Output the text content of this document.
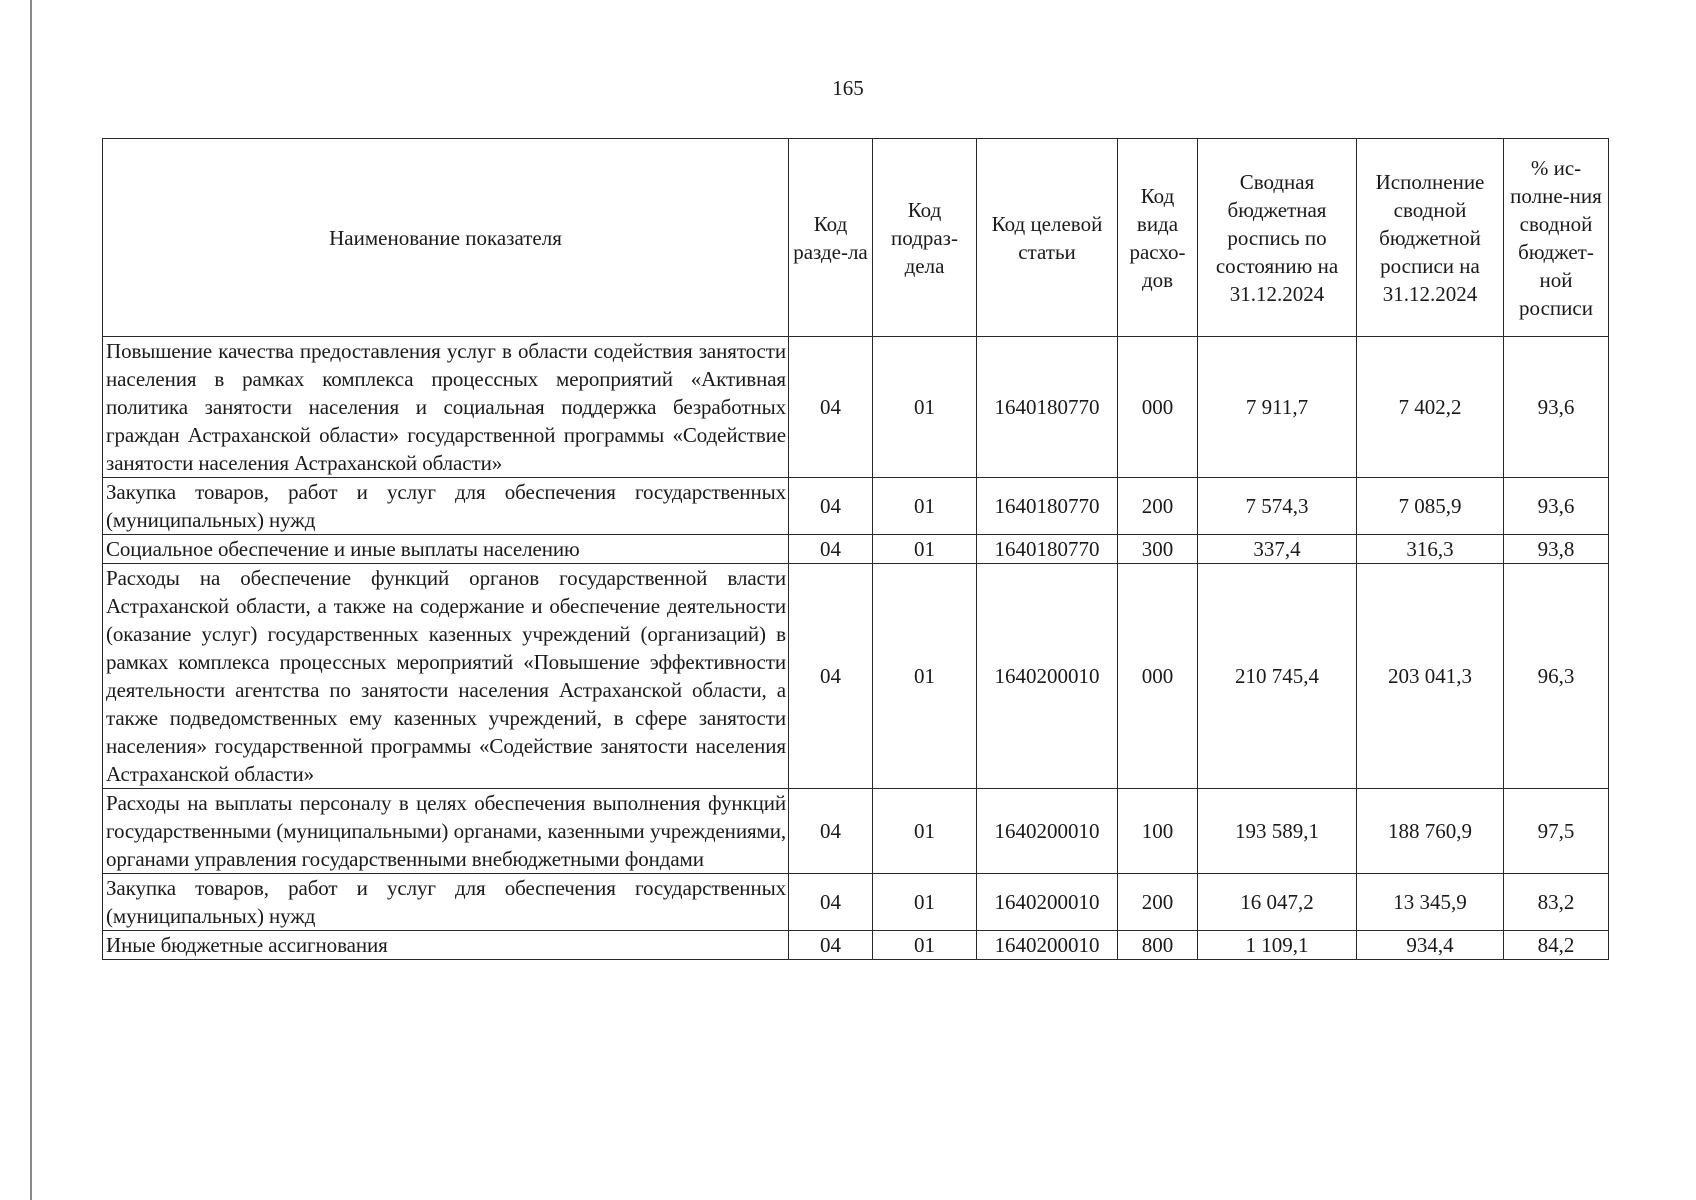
165
Наименование показателя	Код разде-ла	Код подраз-дела	Код целевой статьи	Код вида расхо-дов	Сводная бюджетная роспись по состоянию на 31.12.2024	Исполнение сводной бюджетной росписи на 31.12.2024	% ис-полне-ния сводной бюджет-ной росписи
Повышение качества предоставления услуг в области содействия занятости населения в рамках комплекса процессных мероприятий «Активная политика занятости населения и социальная поддержка безработных граждан Астраханской области» государственной программы «Содействие занятости населения Астраханской области»	04	01	1640180770	000	7 911,7	7 402,2	93,6
Закупка товаров, работ и услуг для обеспечения государственных (муниципальных) нужд	04	01	1640180770	200	7 574,3	7 085,9	93,6
Социальное обеспечение и иные выплаты населению	04	01	1640180770	300	337,4	316,3	93,8
Расходы на обеспечение функций органов государственной власти Астраханской области, а также на содержание и обеспечение деятельности (оказание услуг) государственных казенных учреждений (организаций) в рамках комплекса процессных мероприятий «Повышение эффективности деятельности агентства по занятости населения Астраханской области, а также подведомственных ему казенных учреждений, в сфере занятости населения» государственной программы «Содействие занятости населения Астраханской области»	04	01	1640200010	000	210 745,4	203 041,3	96,3
Расходы на выплаты персоналу в целях обеспечения выполнения функций государственными (муниципальными) органами, казенными учреждениями, органами управления государственными внебюджетными фондами	04	01	1640200010	100	193 589,1	188 760,9	97,5
Закупка товаров, работ и услуг для обеспечения государственных (муниципальных) нужд	04	01	1640200010	200	16 047,2	13 345,9	83,2
Иные бюджетные ассигнования	04	01	1640200010	800	1 109,1	934,4	84,2
